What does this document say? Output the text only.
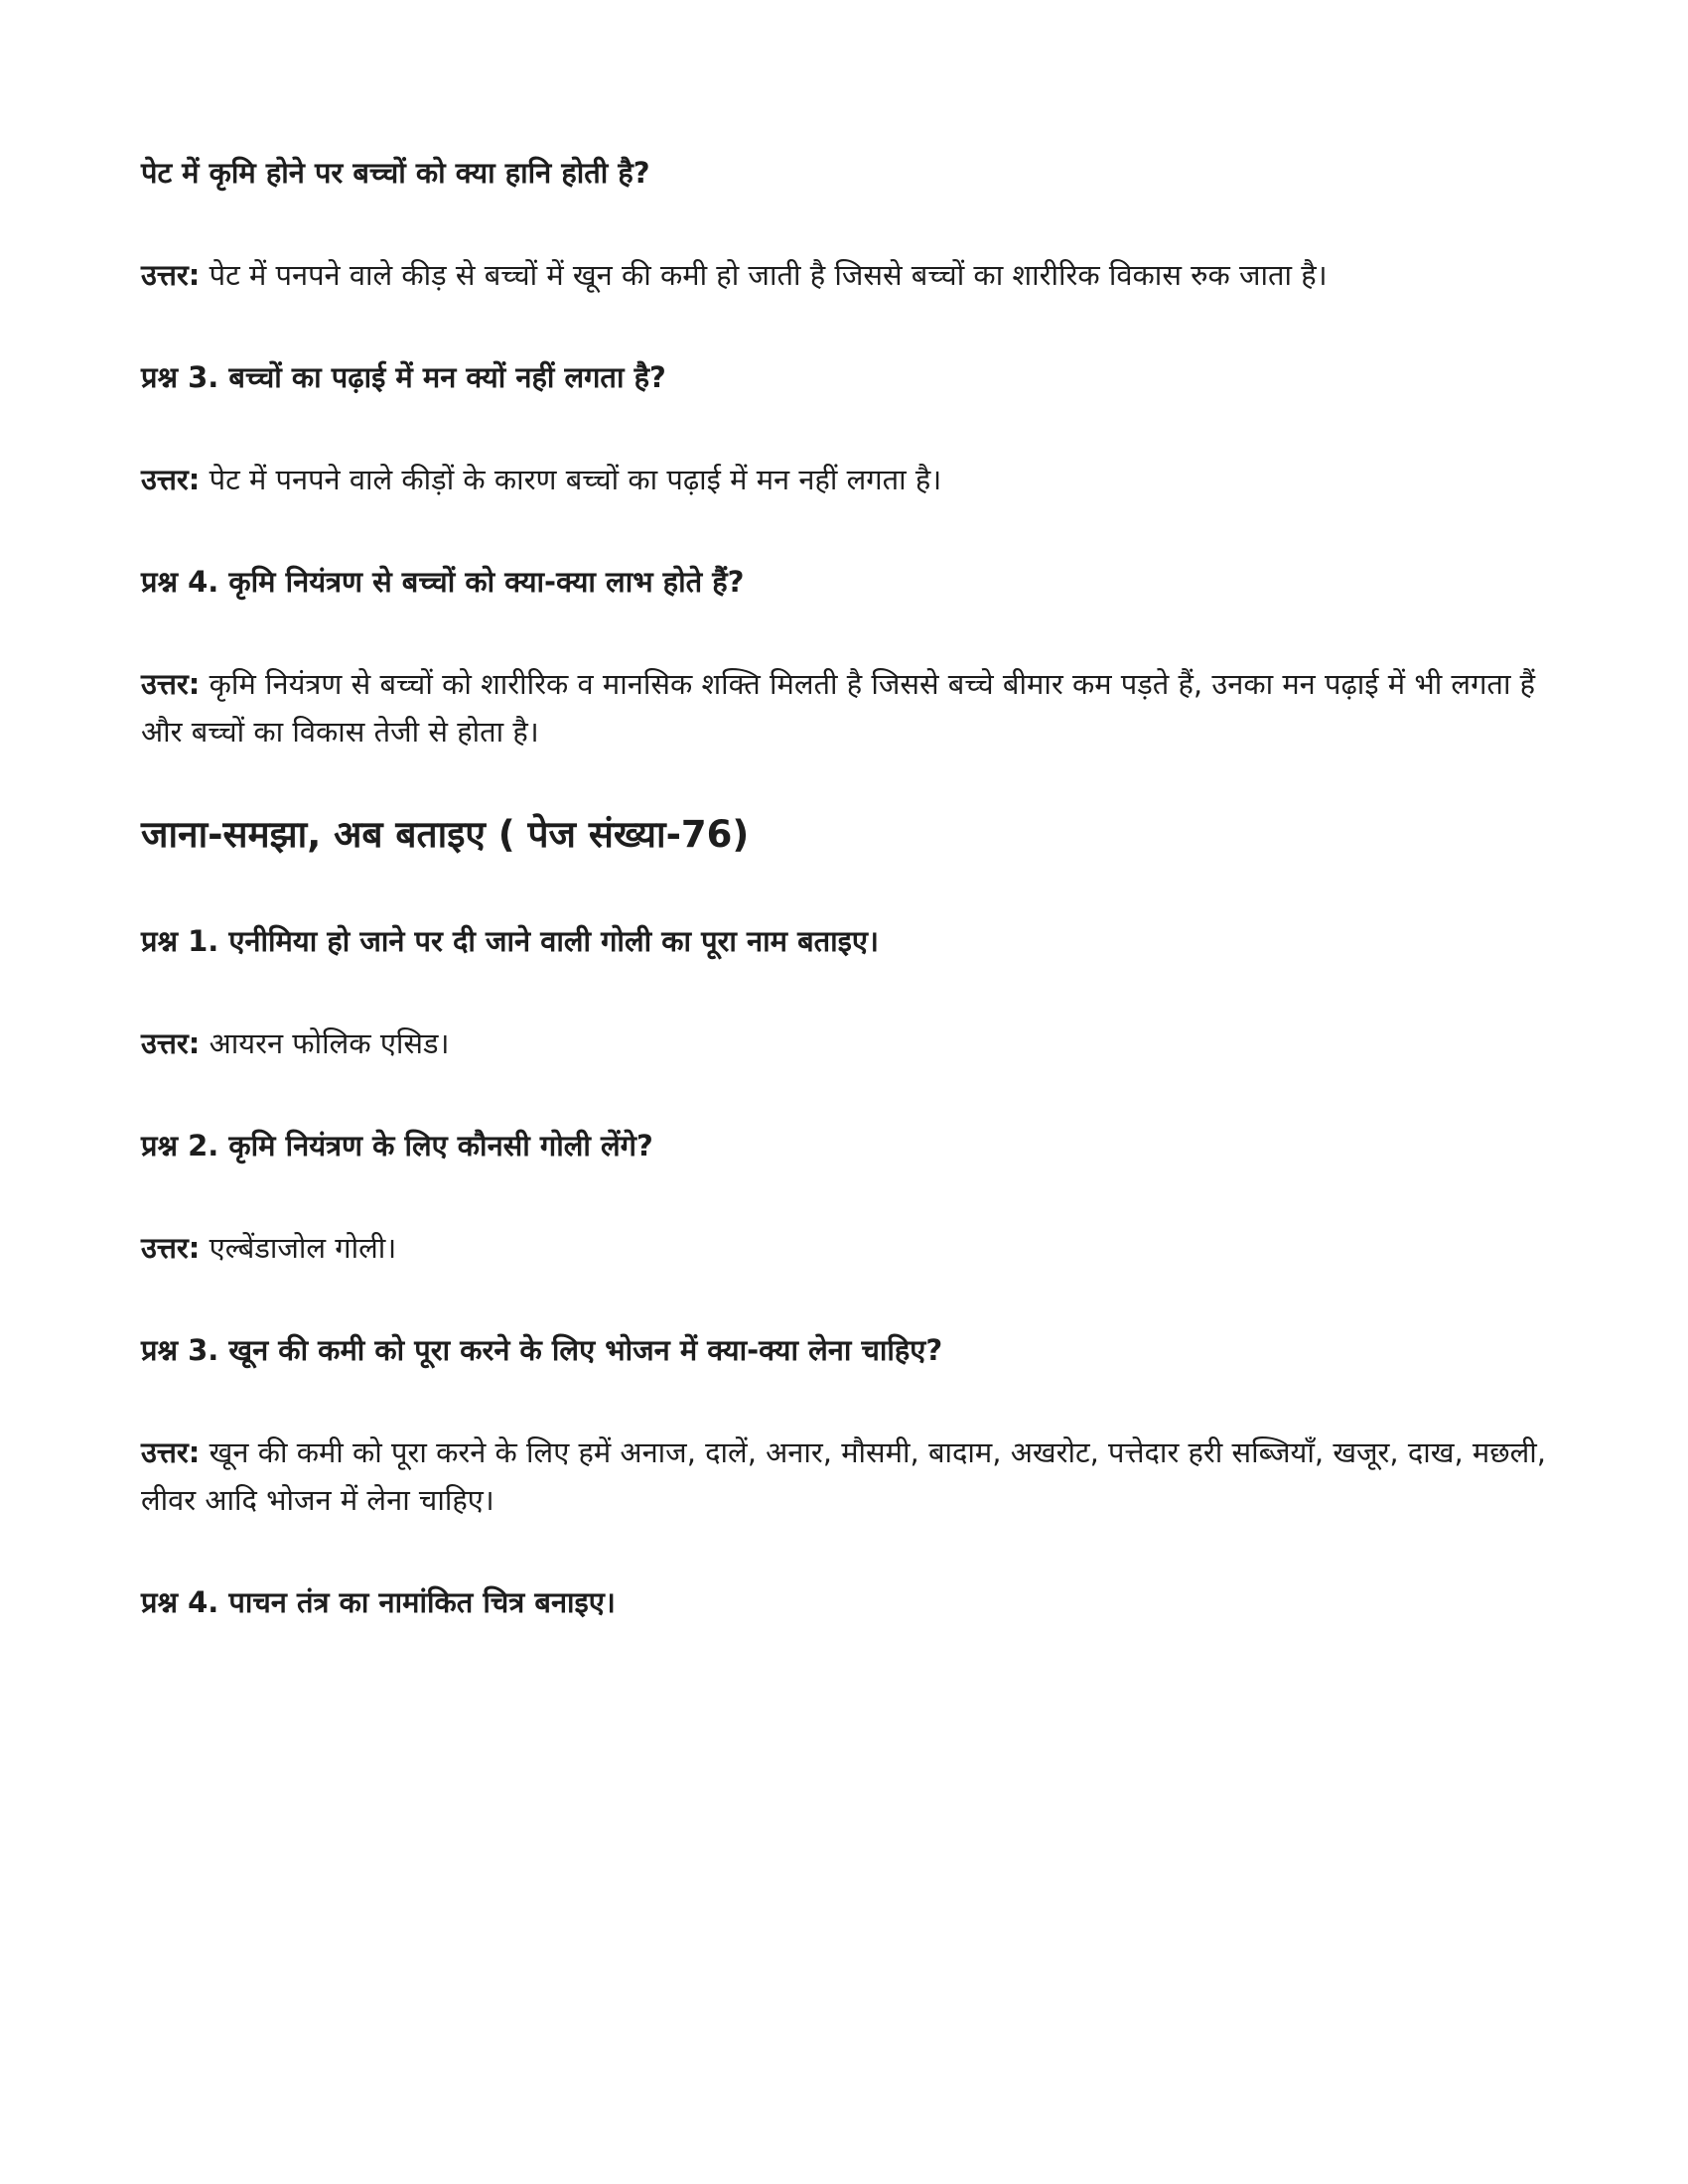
पेट में कृमि होने पर बच्चों को क्या हानि होती है?

उत्तर: पेट में पनपने वाले कीड़ से बच्चों में खून की कमी हो जाती है जिससे बच्चों का शारीरिक विकास रुक जाता है।

प्रश्न 3. बच्चों का पढ़ाई में मन क्यों नहीं लगता है?

उत्तर: पेट में पनपने वाले कीड़ों के कारण बच्चों का पढ़ाई में मन नहीं लगता है।

प्रश्न 4. कृमि नियंत्रण से बच्चों को क्या-क्या लाभ होते हैं?

उत्तर: कृमि नियंत्रण से बच्चों को शारीरिक व मानसिक शक्ति मिलती है जिससे बच्चे बीमार कम पड़ते हैं, उनका मन पढ़ाई में भी लगता हैं और बच्चों का विकास तेजी से होता है।

जाना-समझा, अब बताइए ( पेज संख्या-76)

प्रश्न 1. एनीमिया हो जाने पर दी जाने वाली गोली का पूरा नाम बताइए।

उत्तर: आयरन फोलिक एसिड।

प्रश्न 2. कृमि नियंत्रण के लिए कौनसी गोली लेंगे?

उत्तर: एल्बेंडाजोल गोली।

प्रश्न 3. खून की कमी को पूरा करने के लिए भोजन में क्या-क्या लेना चाहिए?

उत्तर: खून की कमी को पूरा करने के लिए हमें अनाज, दालें, अनार, मौसमी, बादाम, अखरोट, पत्तेदार हरी सब्जियाँ, खजूर, दाख, मछली, लीवर आदि भोजन में लेना चाहिए।

प्रश्न 4. पाचन तंत्र का नामांकित चित्र बनाइए।
